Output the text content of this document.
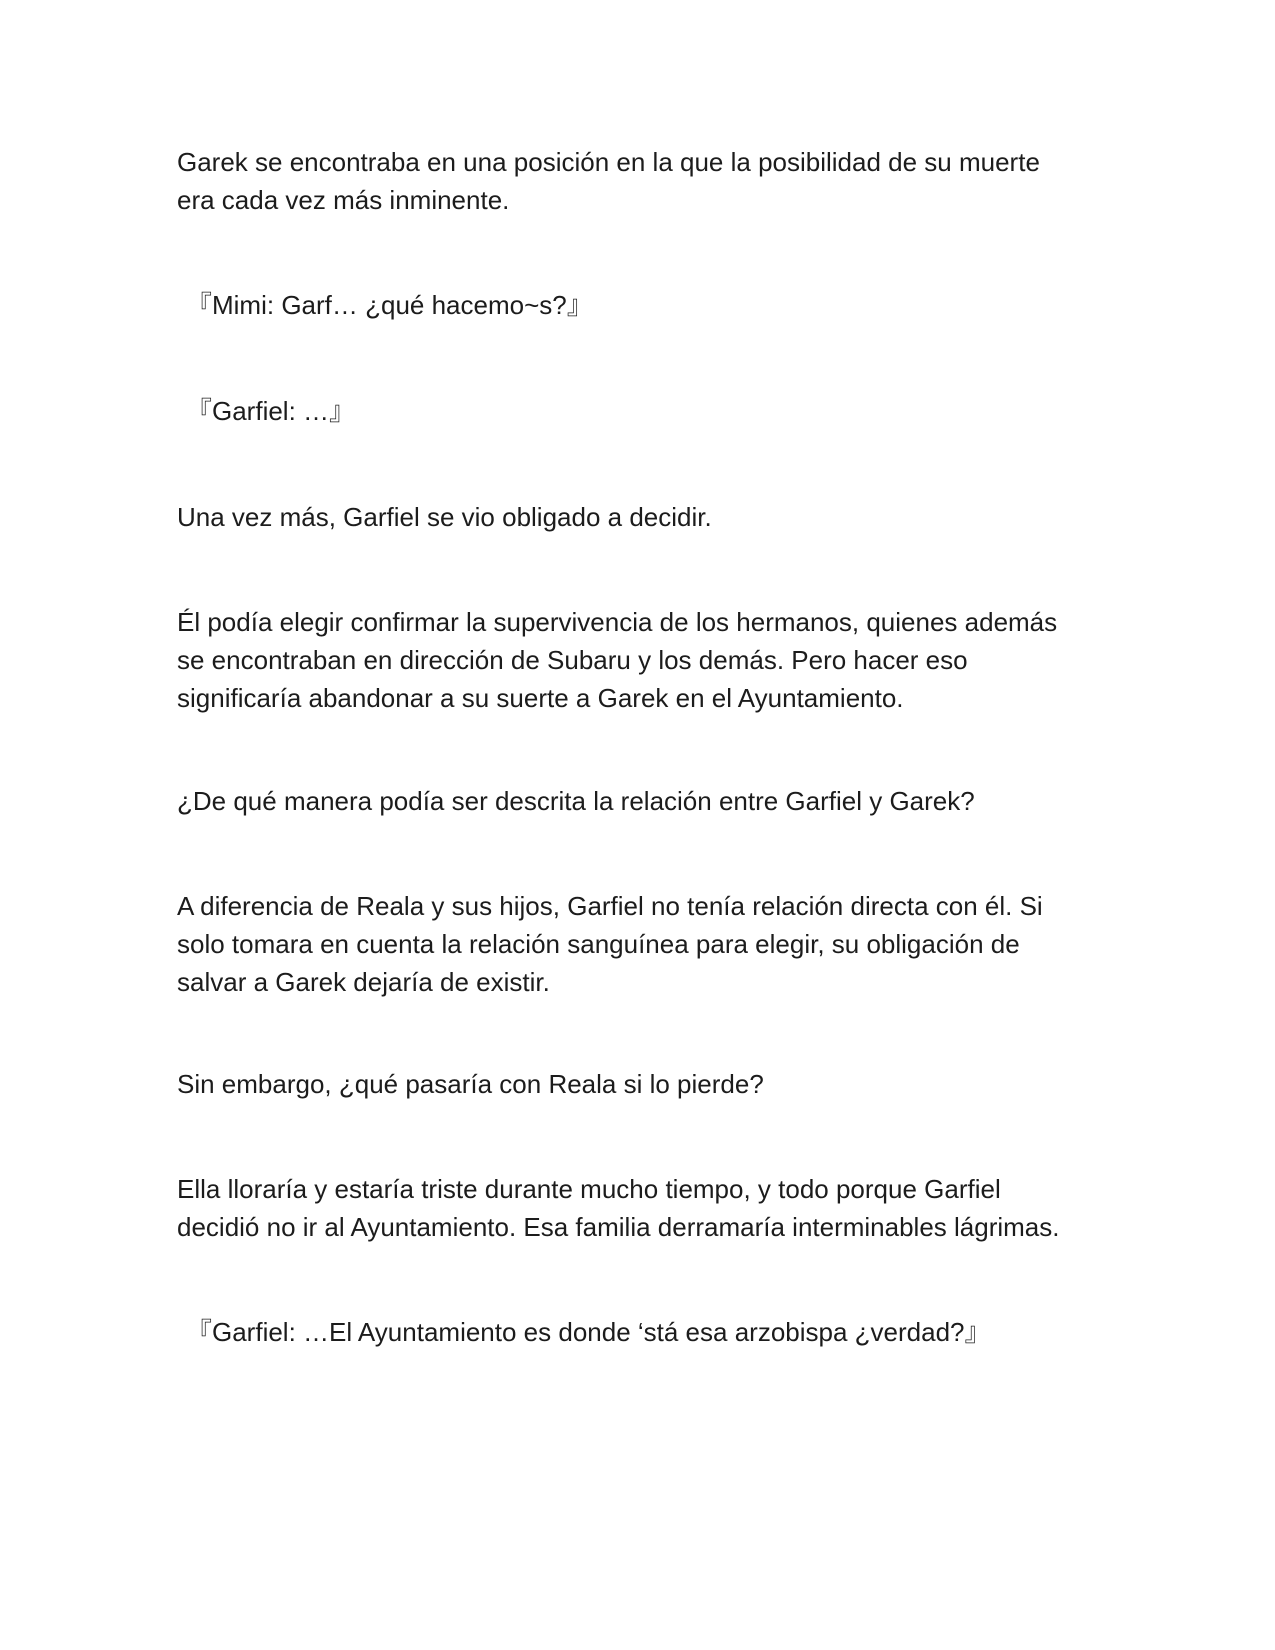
Garek se encontraba en una posición en la que la posibilidad de su muerte
era cada vez más inminente.

『Mimi: Garf… ¿qué hacemo~s?』

『Garfiel: …』

Una vez más, Garfiel se vio obligado a decidir.

Él podía elegir confirmar la supervivencia de los hermanos, quienes además
se encontraban en dirección de Subaru y los demás. Pero hacer eso
significaría abandonar a su suerte a Garek en el Ayuntamiento.

¿De qué manera podía ser descrita la relación entre Garfiel y Garek?

A diferencia de Reala y sus hijos, Garfiel no tenía relación directa con él. Si
solo tomara en cuenta la relación sanguínea para elegir, su obligación de
salvar a Garek dejaría de existir.

Sin embargo, ¿qué pasaría con Reala si lo pierde?

Ella lloraría y estaría triste durante mucho tiempo, y todo porque Garfiel
decidió no ir al Ayuntamiento. Esa familia derramaría interminables lágrimas.

『Garfiel: …El Ayuntamiento es donde ‘stá esa arzobispa ¿verdad?』
